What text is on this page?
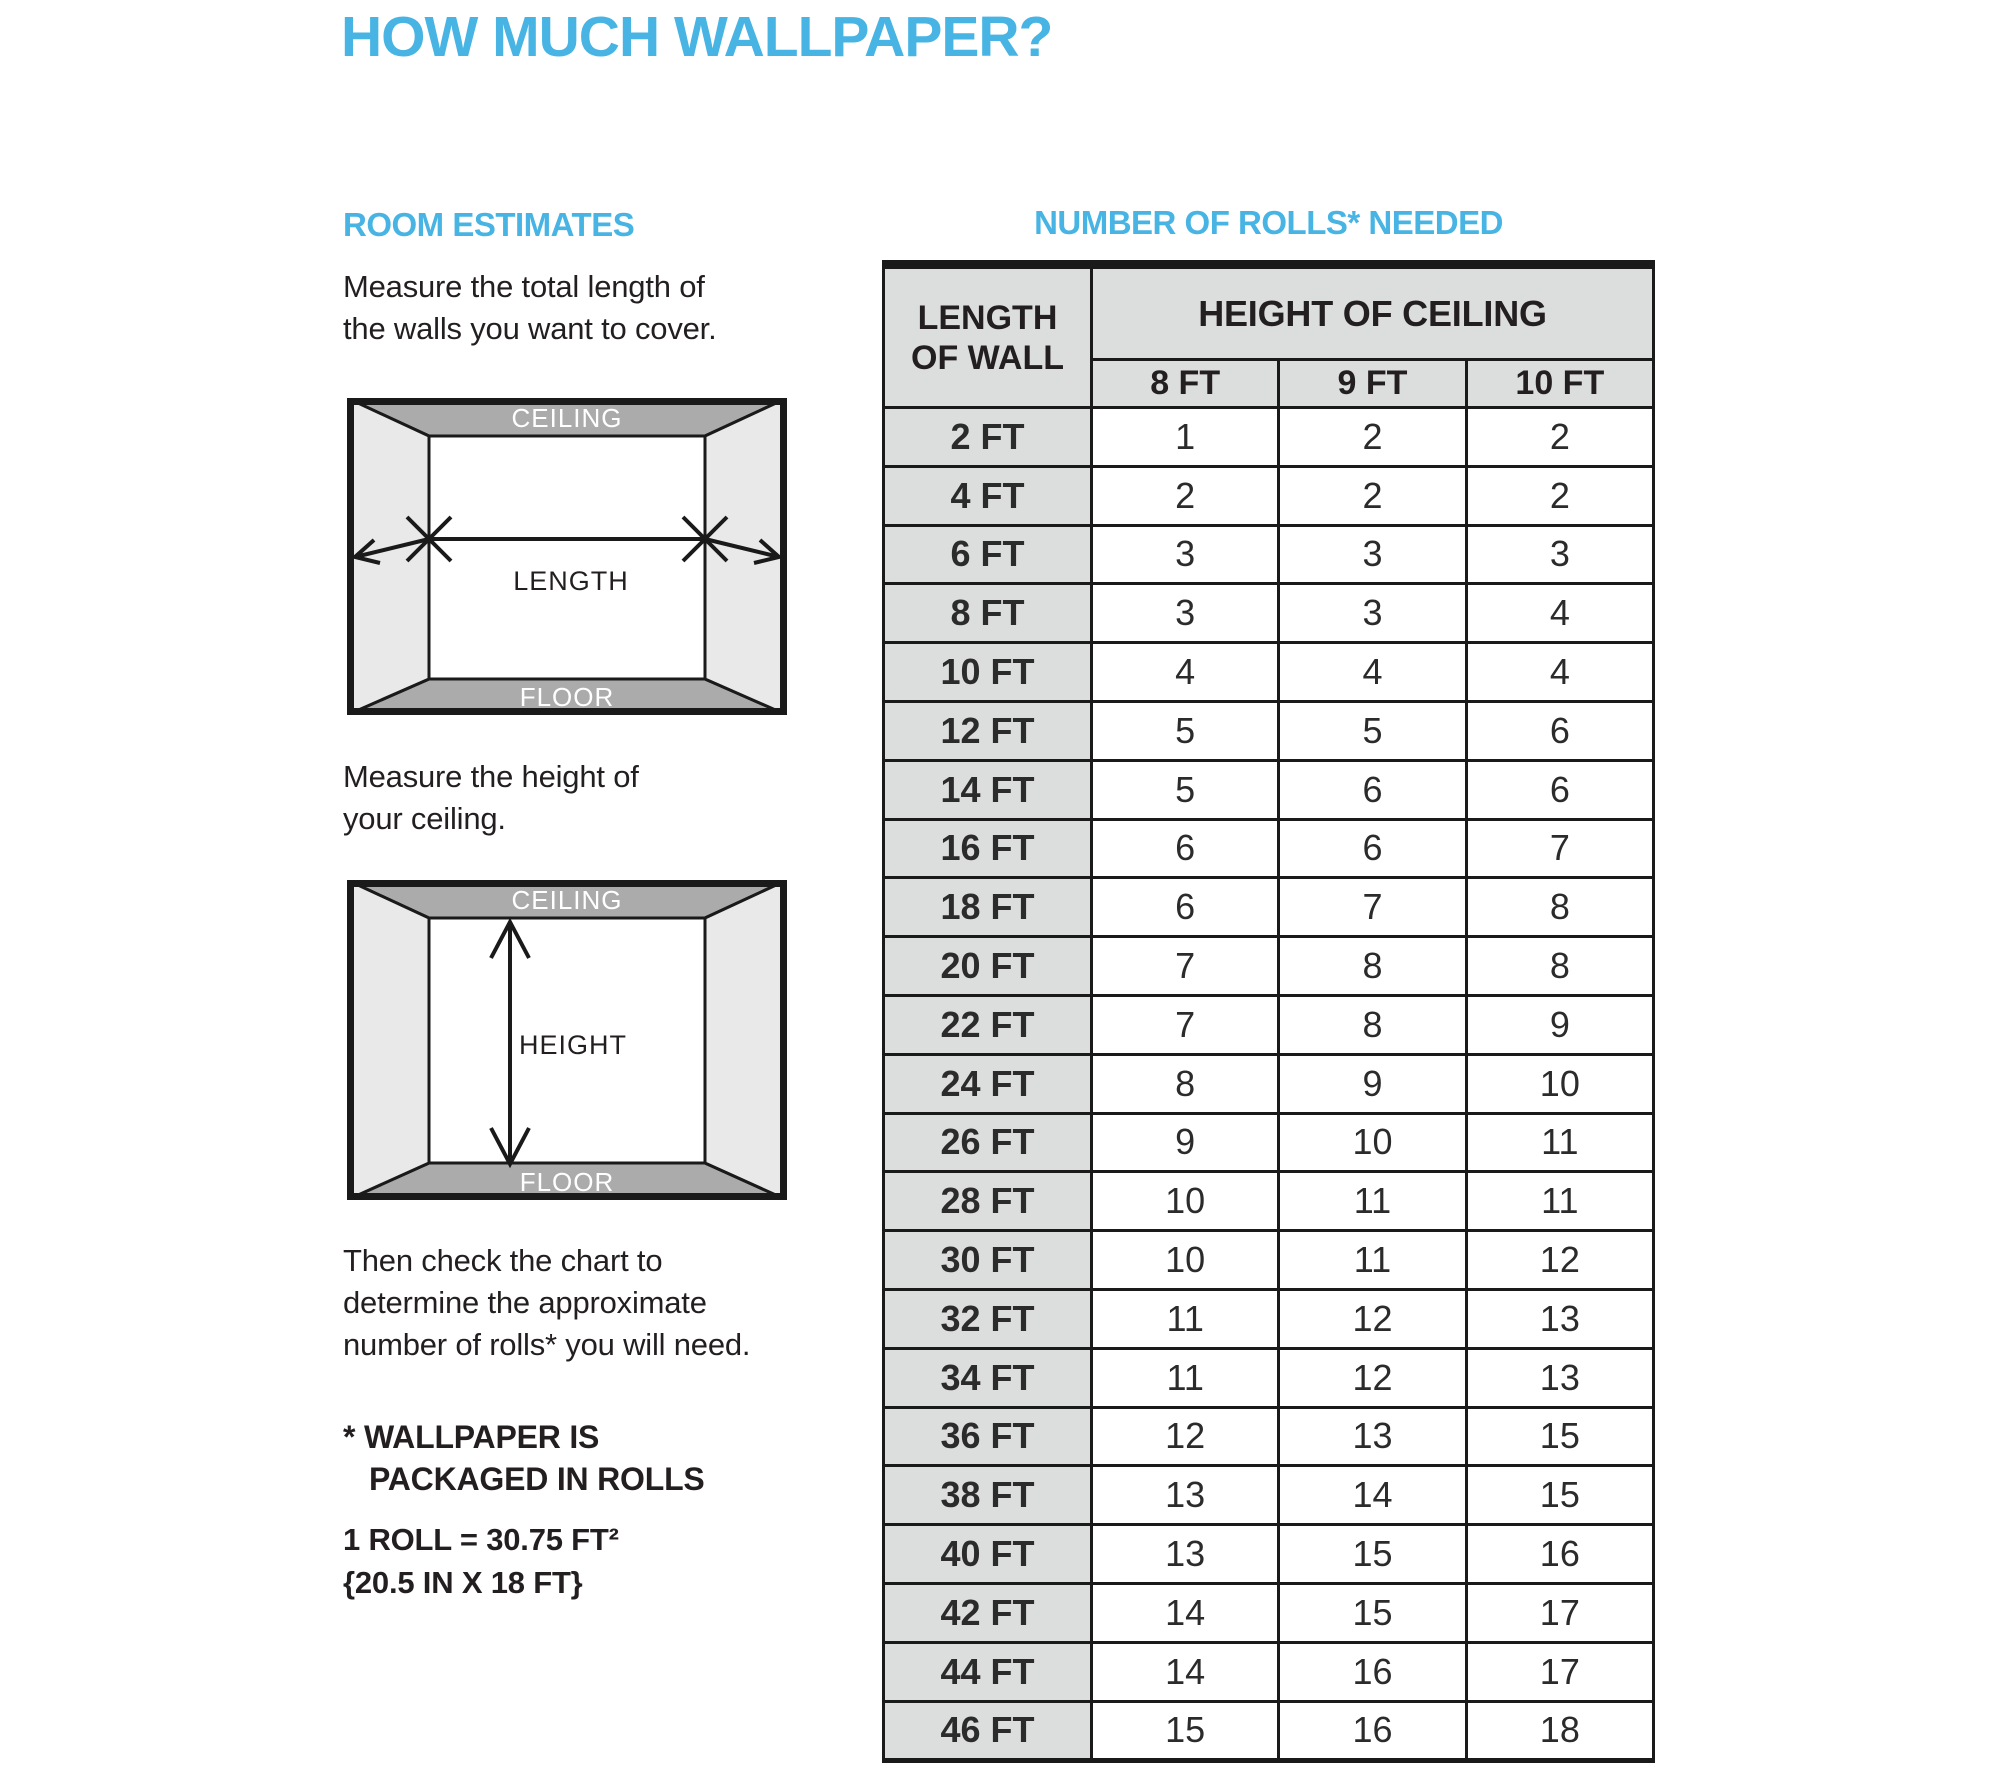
HOW MUCH WALLPAPER?
ROOM ESTIMATES
Measure the total length of
the walls you want to cover.
CEILING
FLOOR
LENGTH
Measure the height of
your ceiling.
CEILING
FLOOR
HEIGHT
Then check the chart to
determine the approximate
number of rolls* you will need.
* WALLPAPER IS
PACKAGED IN ROLLS
1 ROLL = 30.75 FT²
{20.5 IN X 18 FT}
NUMBER OF ROLLS* NEEDED
LENGTH
OF WALL	HEIGHT OF CEILING		
	8 FT	9 FT	10 FT
2 FT	1	2	2
4 FT	2	2	2
6 FT	3	3	3
8 FT	3	3	4
10 FT	4	4	4
12 FT	5	5	6
14 FT	5	6	6
16 FT	6	6	7
18 FT	6	7	8
20 FT	7	8	8
22 FT	7	8	9
24 FT	8	9	10
26 FT	9	10	11
28 FT	10	11	11
30 FT	10	11	12
32 FT	11	12	13
34 FT	11	12	13
36 FT	12	13	15
38 FT	13	14	15
40 FT	13	15	16
42 FT	14	15	17
44 FT	14	16	17
46 FT	15	16	18
